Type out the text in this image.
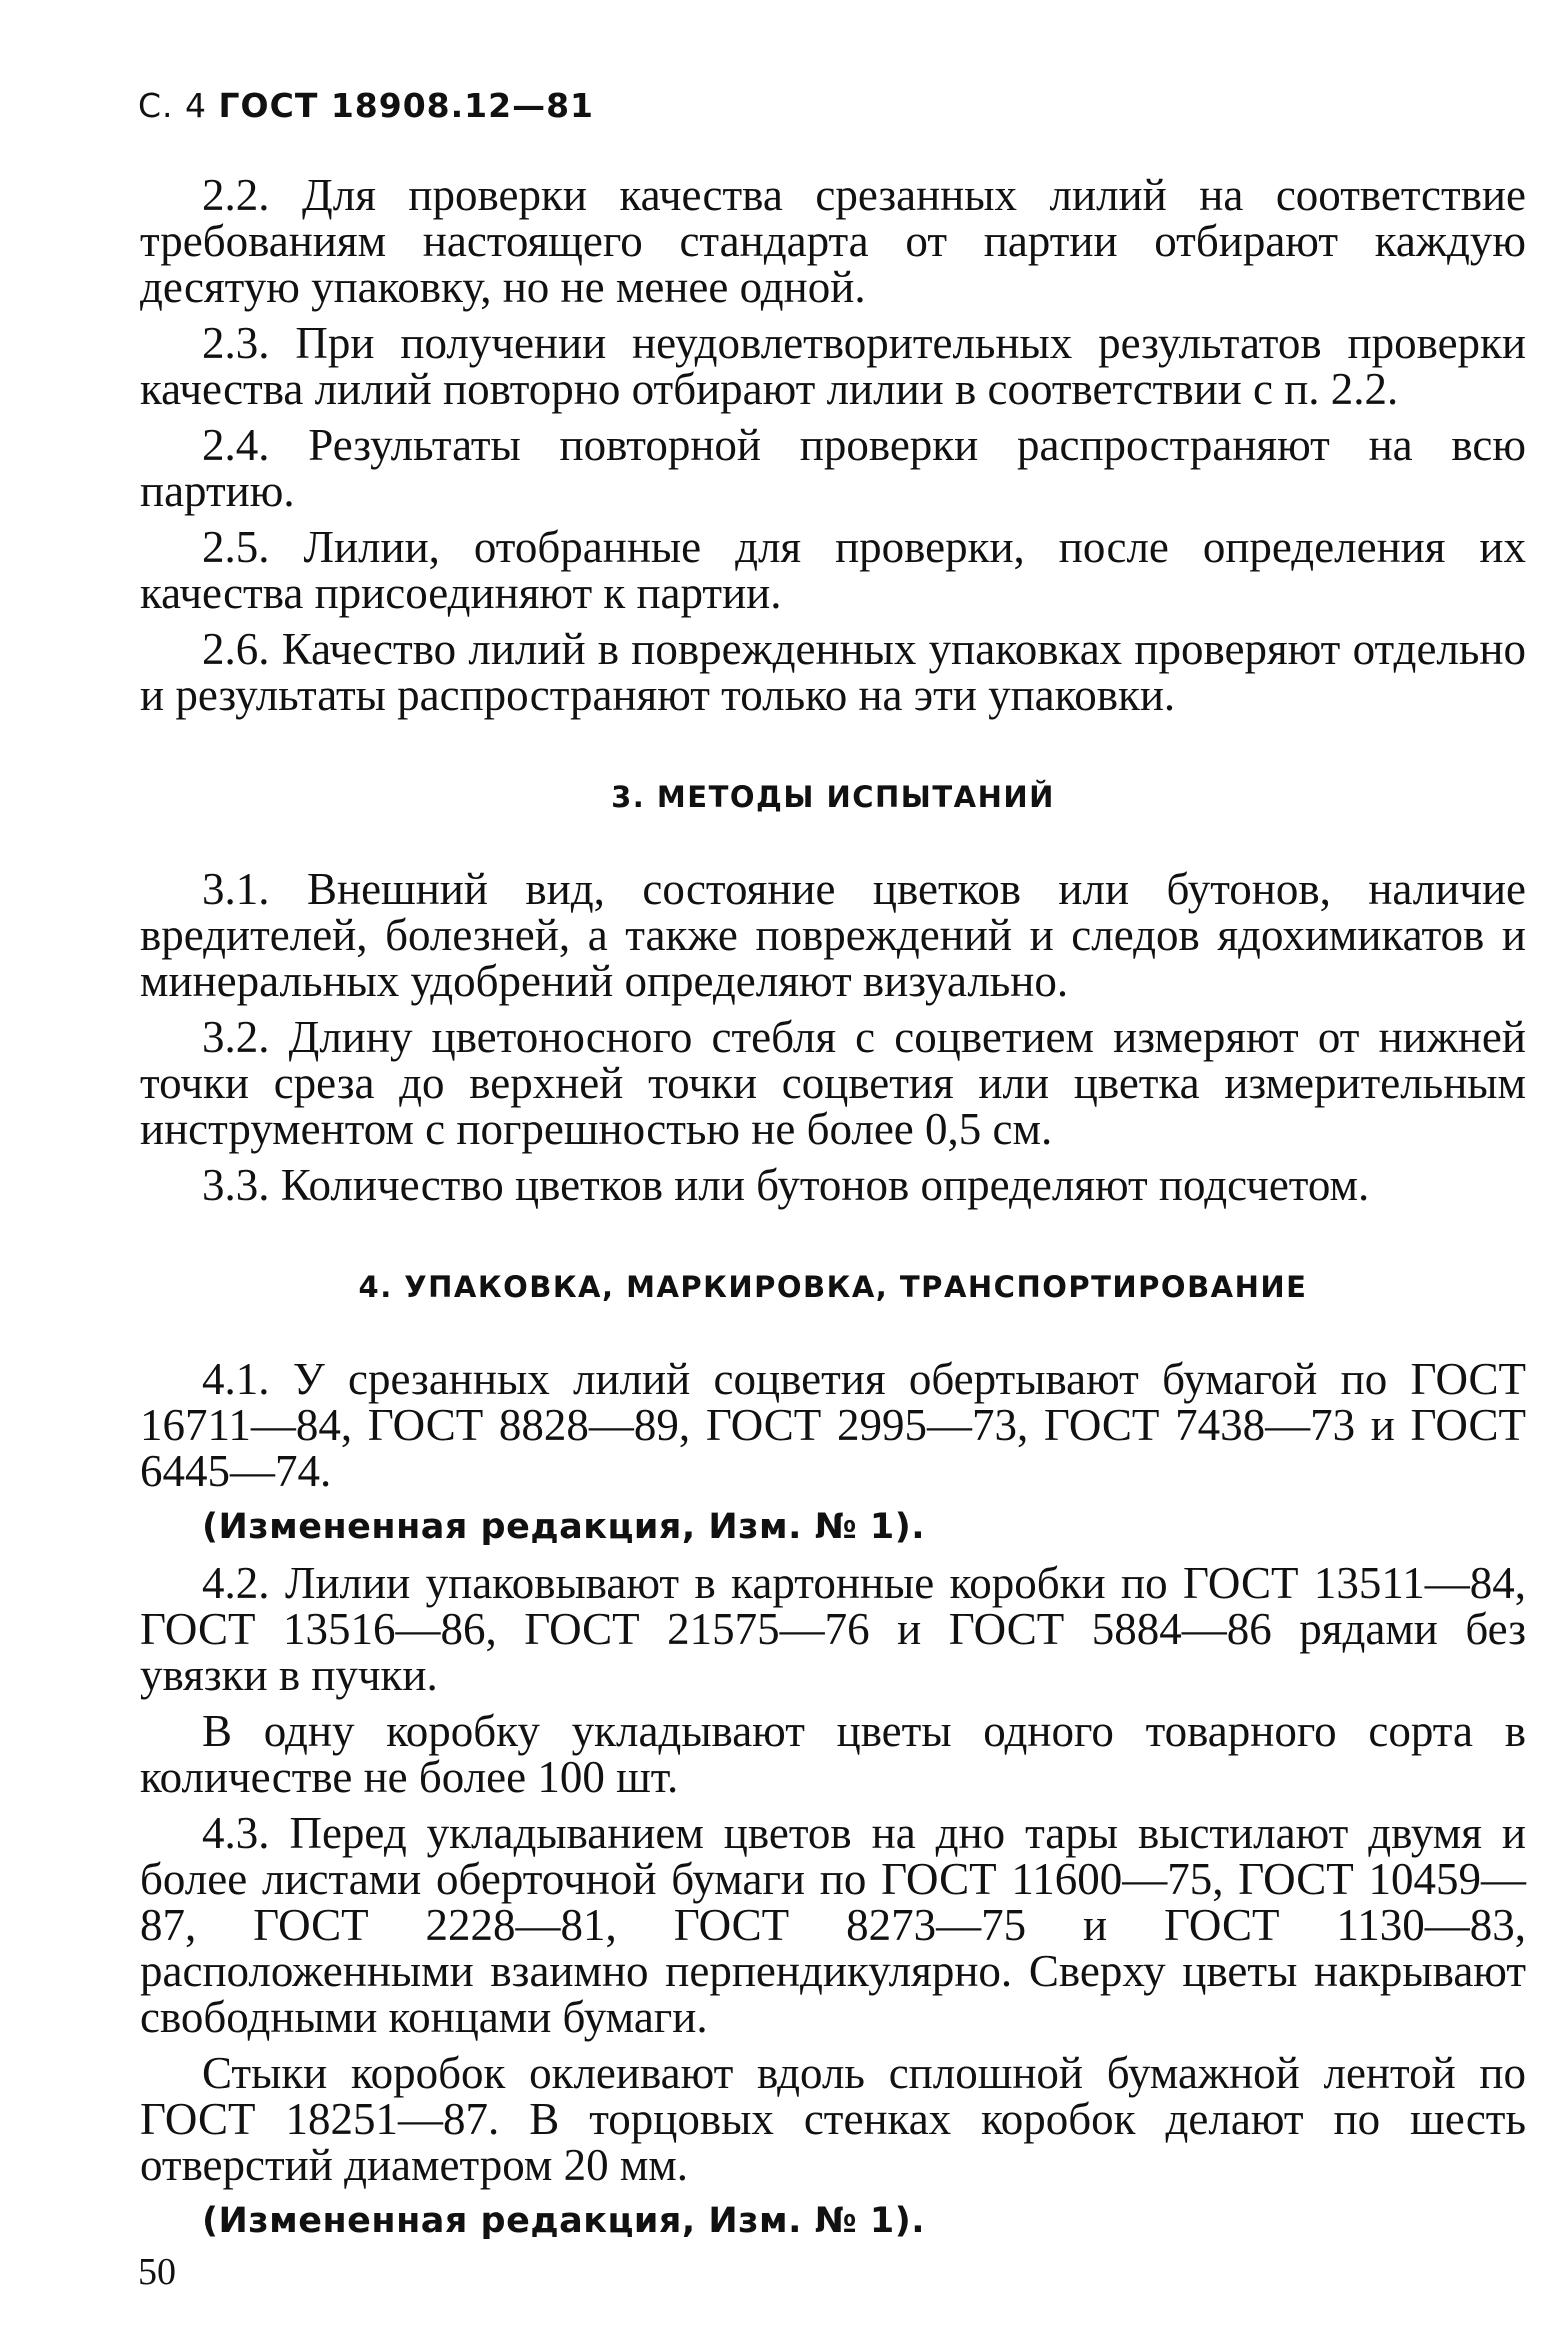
С. 4 ГОСТ 18908.12—81

2.2. Для проверки качества срезанных лилий на соответствие требованиям настоящего стандарта от партии отбирают каждую десятую упаковку, но не менее одной.

2.3. При получении неудовлетворительных результатов проверки качества лилий повторно отбирают лилии в соответствии с п. 2.2.

2.4. Результаты повторной проверки распространяют на всю партию.

2.5. Лилии, отобранные для проверки, после определения их качества присоединяют к партии.

2.6. Качество лилий в поврежденных упаковках проверяют отдельно и результаты распространяют только на эти упаковки.

3. МЕТОДЫ ИСПЫТАНИЙ

3.1. Внешний вид, состояние цветков или бутонов, наличие вредителей, болезней, а также повреждений и следов ядохимикатов и минеральных удобрений определяют визуально.

3.2. Длину цветоносного стебля с соцветием измеряют от нижней точки среза до верхней точки соцветия или цветка измерительным инструментом с погрешностью не более 0,5 см.

3.3. Количество цветков или бутонов определяют подсчетом.

4. УПАКОВКА, МАРКИРОВКА, ТРАНСПОРТИРОВАНИЕ

4.1. У срезанных лилий соцветия обертывают бумагой по ГОСТ 16711—84, ГОСТ 8828—89, ГОСТ 2995—73, ГОСТ 7438—73 и ГОСТ 6445—74.

(Измененная редакция, Изм. № 1).

4.2. Лилии упаковывают в картонные коробки по ГОСТ 13511—84, ГОСТ 13516—86, ГОСТ 21575—76 и ГОСТ 5884—86 рядами без увязки в пучки.

В одну коробку укладывают цветы одного товарного сорта в количестве не более 100 шт.

4.3. Перед укладыванием цветов на дно тары выстилают двумя и более листами оберточной бумаги по ГОСТ 11600—75, ГОСТ 10459—87, ГОСТ 2228—81, ГОСТ 8273—75 и ГОСТ 1130—83, расположенными взаимно перпендикулярно. Сверху цветы накрывают свободными концами бумаги.

Стыки коробок оклеивают вдоль сплошной бумажной лентой по ГОСТ 18251—87. В торцовых стенках коробок делают по шесть отверстий диаметром 20 мм.

(Измененная редакция, Изм. № 1).

50
